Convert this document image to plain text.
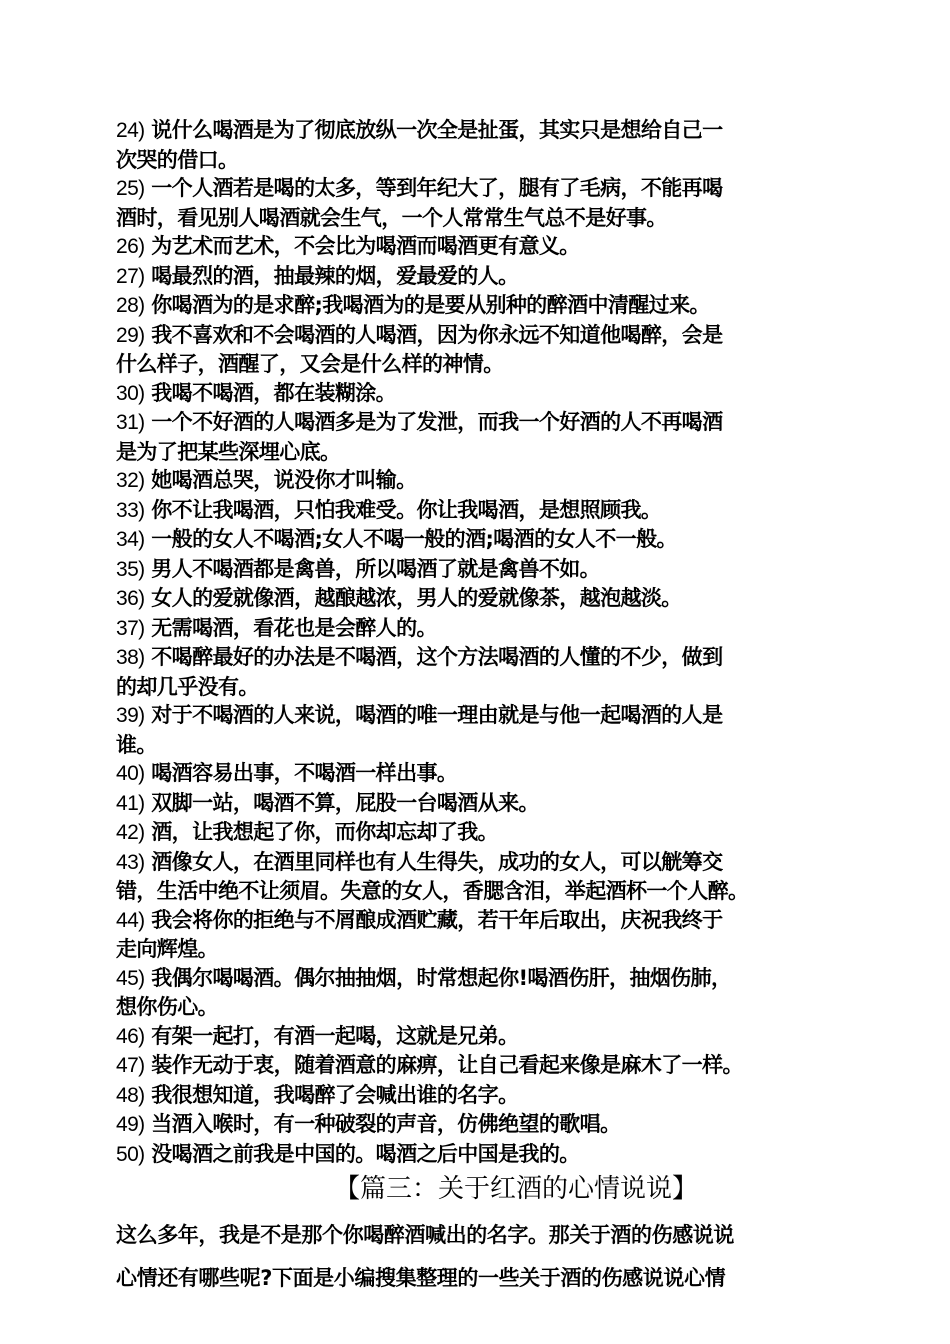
24) 说什么喝酒是为了彻底放纵一次全是扯蛋，其实只是想给自己一
次哭的借口。
25) 一个人酒若是喝的太多，等到年纪大了，腿有了毛病，不能再喝
酒时，看见别人喝酒就会生气，一个人常常生气总不是好事。
26) 为艺术而艺术，不会比为喝酒而喝酒更有意义。
27) 喝最烈的酒，抽最辣的烟，爱最爱的人。
28) 你喝酒为的是求醉;我喝酒为的是要从别种的醉酒中清醒过来。
29) 我不喜欢和不会喝酒的人喝酒，因为你永远不知道他喝醉，会是
什么样子，酒醒了，又会是什么样的神情。
30) 我喝不喝酒，都在装糊涂。
31) 一个不好酒的人喝酒多是为了发泄，而我一个好酒的人不再喝酒
是为了把某些深埋心底。
32) 她喝酒总哭，说没你才叫输。
33) 你不让我喝酒，只怕我难受。你让我喝酒，是想照顾我。
34) 一般的女人不喝酒;女人不喝一般的酒;喝酒的女人不一般。
35) 男人不喝酒都是禽兽，所以喝酒了就是禽兽不如。
36) 女人的爱就像酒，越酿越浓，男人的爱就像茶，越泡越淡。
37) 无需喝酒，看花也是会醉人的。
38) 不喝醉最好的办法是不喝酒，这个方法喝酒的人懂的不少，做到
的却几乎没有。
39) 对于不喝酒的人来说，喝酒的唯一理由就是与他一起喝酒的人是
谁。
40) 喝酒容易出事，不喝酒一样出事。
41) 双脚一站，喝酒不算，屁股一台喝酒从来。
42) 酒，让我想起了你，而你却忘却了我。
43) 酒像女人，在酒里同样也有人生得失，成功的女人，可以觥筹交
错，生活中绝不让须眉。失意的女人，香腮含泪，举起酒杯一个人醉。
44) 我会将你的拒绝与不屑酿成酒贮藏，若干年后取出，庆祝我终于
走向辉煌。
45) 我偶尔喝喝酒。偶尔抽抽烟，时常想起你!喝酒伤肝，抽烟伤肺，
想你伤心。
46) 有架一起打，有酒一起喝，这就是兄弟。
47) 装作无动于衷，随着酒意的麻痹，让自己看起来像是麻木了一样。
48) 我很想知道，我喝醉了会喊出谁的名字。
49) 当酒入喉时，有一种破裂的声音，仿佛绝望的歌唱。
50) 没喝酒之前我是中国的。喝酒之后中国是我的。
【篇三：关于红酒的心情说说】
这么多年，我是不是那个你喝醉酒喊出的名字。那关于酒的伤感说说
心情还有哪些呢?下面是小编搜集整理的一些关于酒的伤感说说心情
